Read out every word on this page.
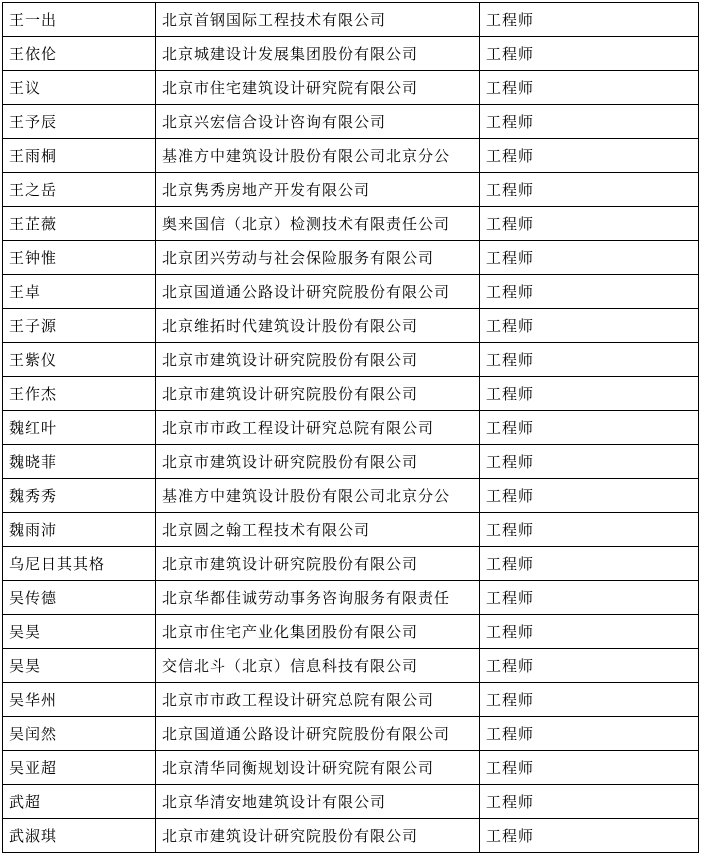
王一出	北京首钢国际工程技术有限公司	工程师
王依伦	北京城建设计发展集团股份有限公司	工程师
王议	北京市住宅建筑设计研究院有限公司	工程师
王予辰	北京兴宏信合设计咨询有限公司	工程师
王雨桐	基准方中建筑设计股份有限公司北京分公	工程师
王之岳	北京隽秀房地产开发有限公司	工程师
王芷薇	奥来国信（北京）检测技术有限责任公司	工程师
王钟惟	北京团兴劳动与社会保险服务有限公司	工程师
王卓	北京国道通公路设计研究院股份有限公司	工程师
王子源	北京维拓时代建筑设计股份有限公司	工程师
王紫仪	北京市建筑设计研究院股份有限公司	工程师
王作杰	北京市建筑设计研究院股份有限公司	工程师
魏红叶	北京市市政工程设计研究总院有限公司	工程师
魏晓菲	北京市建筑设计研究院股份有限公司	工程师
魏秀秀	基准方中建筑设计股份有限公司北京分公	工程师
魏雨沛	北京圆之翰工程技术有限公司	工程师
乌尼日其其格	北京市建筑设计研究院股份有限公司	工程师
吴传德	北京华都佳诚劳动事务咨询服务有限责任	工程师
吴昊	北京市住宅产业化集团股份有限公司	工程师
吴昊	交信北斗（北京）信息科技有限公司	工程师
吴华州	北京市市政工程设计研究总院有限公司	工程师
吴闰然	北京国道通公路设计研究院股份有限公司	工程师
吴亚超	北京清华同衡规划设计研究院有限公司	工程师
武超	北京华清安地建筑设计有限公司	工程师
武淑琪	北京市建筑设计研究院股份有限公司	工程师
